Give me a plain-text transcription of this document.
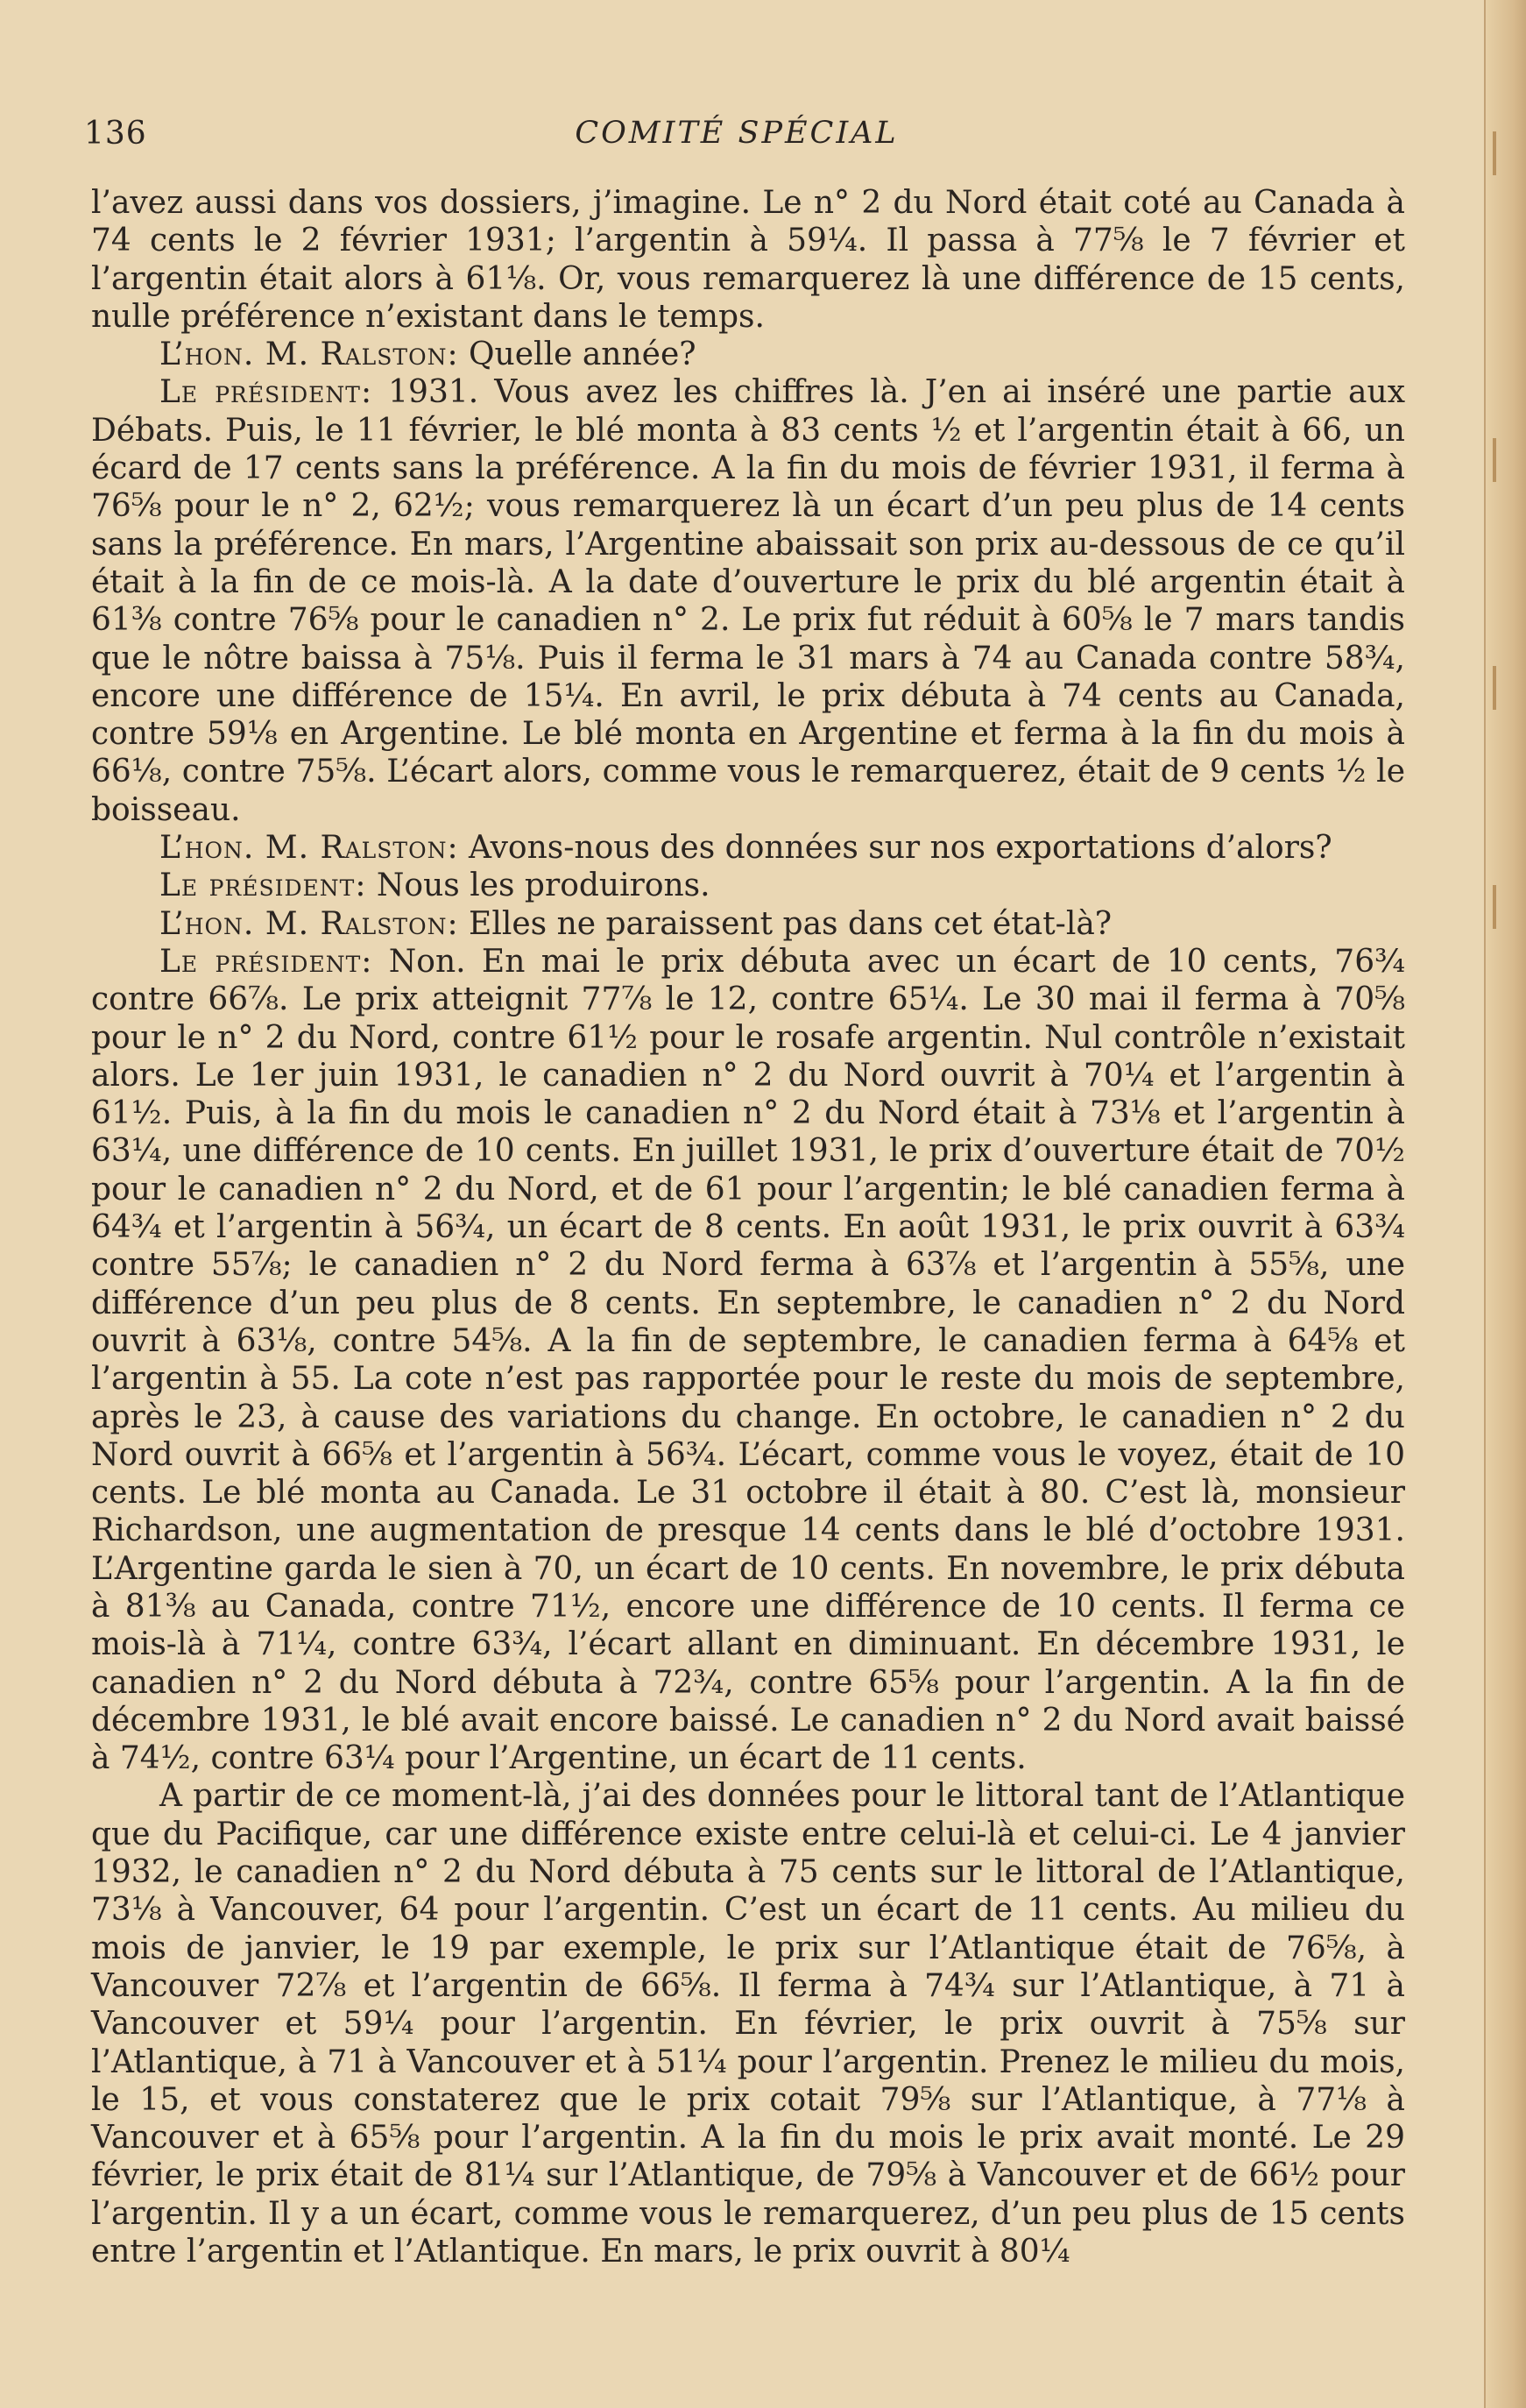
136	COMITÉ SPÉCIAL

l’avez aussi dans vos dossiers, j’imagine. Le n° 2 du Nord était coté au Canada à 74 cents le 2 février 1931; l’argentin à 59¼. Il passa à 77⅝ le 7 février et l’argentin était alors à 61⅛. Or, vous remarquerez là une différence de 15 cents, nulle préférence n’existant dans le temps.

L’hon. M. Ralston: Quelle année?

Le président: 1931. Vous avez les chiffres là. J’en ai inséré une partie aux Débats. Puis, le 11 février, le blé monta à 83 cents ½ et l’argentin était à 66, un écard de 17 cents sans la préférence. A la fin du mois de février 1931, il ferma à 76⅝ pour le n° 2, 62½; vous remarquerez là un écart d’un peu plus de 14 cents sans la préférence. En mars, l’Argentine abaissait son prix au-dessous de ce qu’il était à la fin de ce mois-là. A la date d’ouverture le prix du blé argentin était à 61⅜ contre 76⅝ pour le canadien n° 2. Le prix fut réduit à 60⅝ le 7 mars tandis que le nôtre baissa à 75⅛. Puis il ferma le 31 mars à 74 au Canada contre 58¾, encore une différence de 15¼. En avril, le prix débuta à 74 cents au Canada, contre 59⅛ en Argentine. Le blé monta en Argentine et ferma à la fin du mois à 66⅛, contre 75⅝. L’écart alors, comme vous le remarquerez, était de 9 cents ½ le boisseau.

L’hon. M. Ralston: Avons-nous des données sur nos exportations d’alors?

Le président: Nous les produirons.

L’hon. M. Ralston: Elles ne paraissent pas dans cet état-là?

Le président: Non. En mai le prix débuta avec un écart de 10 cents, 76¾ contre 66⅞. Le prix atteignit 77⅞ le 12, contre 65¼. Le 30 mai il ferma à 70⅝ pour le n° 2 du Nord, contre 61½ pour le rosafe argentin. Nul contrôle n’existait alors. Le 1er juin 1931, le canadien n° 2 du Nord ouvrit à 70¼ et l’argentin à 61½. Puis, à la fin du mois le canadien n° 2 du Nord était à 73⅛ et l’argentin à 63¼, une différence de 10 cents. En juillet 1931, le prix d’ouverture était de 70½ pour le canadien n° 2 du Nord, et de 61 pour l’argentin; le blé canadien ferma à 64¾ et l’argentin à 56¾, un écart de 8 cents. En août 1931, le prix ouvrit à 63¾ contre 55⅞; le canadien n° 2 du Nord ferma à 63⅞ et l’argentin à 55⅝, une différence d’un peu plus de 8 cents. En septembre, le canadien n° 2 du Nord ouvrit à 63⅛, contre 54⅝. A la fin de septembre, le canadien ferma à 64⅝ et l’argentin à 55. La cote n’est pas rapportée pour le reste du mois de septembre, après le 23, à cause des variations du change. En octobre, le canadien n° 2 du Nord ouvrit à 66⅝ et l’argentin à 56¾. L’écart, comme vous le voyez, était de 10 cents. Le blé monta au Canada. Le 31 octobre il était à 80. C’est là, monsieur Richardson, une augmentation de presque 14 cents dans le blé d’octobre 1931. L’Argentine garda le sien à 70, un écart de 10 cents. En novembre, le prix débuta à 81⅜ au Canada, contre 71½, encore une différence de 10 cents. Il ferma ce mois-là à 71¼, contre 63¾, l’écart allant en diminuant. En décembre 1931, le canadien n° 2 du Nord débuta à 72¾, contre 65⅝ pour l’argentin. A la fin de décembre 1931, le blé avait encore baissé. Le canadien n° 2 du Nord avait baissé à 74½, contre 63¼ pour l’Argentine, un écart de 11 cents.

A partir de ce moment-là, j’ai des données pour le littoral tant de l’Atlantique que du Pacifique, car une différence existe entre celui-là et celui-ci. Le 4 janvier 1932, le canadien n° 2 du Nord débuta à 75 cents sur le littoral de l’Atlantique, 73⅛ à Vancouver, 64 pour l’argentin. C’est un écart de 11 cents. Au milieu du mois de janvier, le 19 par exemple, le prix sur l’Atlantique était de 76⅝, à Vancouver 72⅞ et l’argentin de 66⅝. Il ferma à 74¾ sur l’Atlantique, à 71 à Vancouver et 59¼ pour l’argentin. En février, le prix ouvrit à 75⅝ sur l’Atlantique, à 71 à Vancouver et à 51¼ pour l’argentin. Prenez le milieu du mois, le 15, et vous constaterez que le prix cotait 79⅝ sur l’Atlantique, à 77⅛ à Vancouver et à 65⅝ pour l’argentin. A la fin du mois le prix avait monté. Le 29 février, le prix était de 81¼ sur l’Atlantique, de 79⅝ à Vancouver et de 66½ pour l’argentin. Il y a un écart, comme vous le remarquerez, d’un peu plus de 15 cents entre l’argentin et l’Atlantique. En mars, le prix ouvrit à 80¼
